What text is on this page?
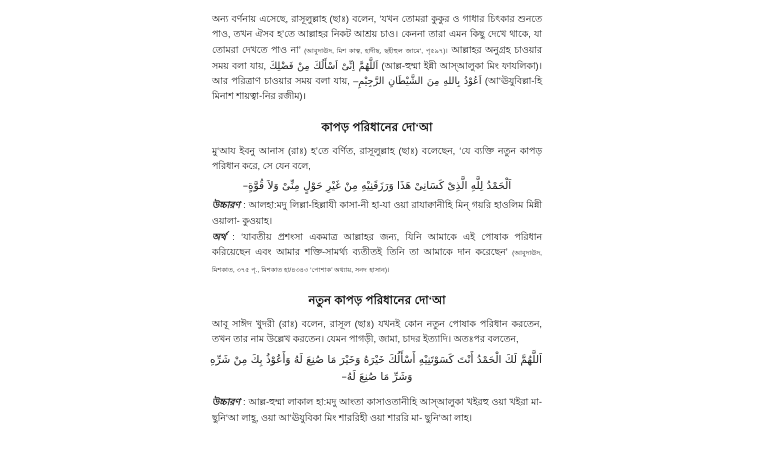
অন্য বর্ণনায় এসেছে, রাসূলুল্লাহ (ছাঃ) বলেন, ‘যখন তোমরা কুকুর ও গাধার চিৎকার শুনতে পাও, তখন ঐসব হ’তে আল্লাহর নিকট আশ্রয় চাও। কেননা তারা এমন কিছু দেখে থাকে, যা তোমরা দেখতে পাও না’ (আবুদাঊদ, মিশ কাত্ব, হাদীছ, ছহীহুল জামে‘, পৃ৫৯৭)। আল্লাহর অনুগ্রহ চাওয়ার সময় বলা যায়, اَللَّهُمَّ اِنِّىْ اَسْأَلُكَ مِنْ فَضْلِكَ (আল্ল-হুম্মা ইন্নী আস্আলুকা মিং ফাযলিকা)। আর পরিত্রাণ চাওয়ার সময় বলা যায়, –اَعُوْذُ بِاللهِ مِنَ الشَّيْطَانِ الرَّجِيْمِ (আ‘ঊযুবিল্লা-হি মিনাশ শায়ত্বা-নির রজীম)।

কাপড় পরিধানের দো‘আ

মু‘আয ইবনু আনাস (রাঃ) হ’তে বর্ণিত, রাসূলুল্লাহ (ছাঃ) বলেছেন, ‘যে ব্যক্তি নতুন কাপড় পরিধান করে, সে যেন বলে,

اَلْحَمْدُ لِلَّهِ الَّذِىْ كَسَانِىْ هَذَا وَرَزَقَنِيْهِ مِنْ غَيْرِ حَوْلٍ مِنِّىْ وَلاَ قُوَّةٍ–

উচ্চারণ : আলহা:মদু লিল্লা-হিল্লাযী কাসা-নী হা-যা ওয়া রাযাক্বানীহি মিন্ গয়রি হাওলিম মিন্নী ওয়ালা- কুওয়াহ।

অর্থ : ‘যাবতীয় প্রশংসা একমাত্র আল্লাহর জন্য, যিনি আমাকে এই পোষাক পরিধান করিয়েছেন এবং আমার শক্তি-সামর্থ্য ব্যতীতই তিনি তা আমাকে দান করেছেন’ (আবুদাঊদ, মিশকাত, ৩৭৫ পৃ., মিশকাত হা/৪৩৪৩ ‘পোশাক’ অধ্যায়, সনদ হাসান)।

নতুন কাপড় পরিধানের দো‘আ

আবূ সাঈদ খুদরী (রাঃ) বলেন, রাসূল (ছাঃ) যখনই কোন নতুন পোষাক পরিধান করতেন, তখন তার নাম উল্লেখ করতেন। যেমন পাগড়ী, জামা, চাদর ইত্যাদি। অতঃপর বলতেন,

اَللَّهُمَّ لَكَ الْحَمْدُ أَنْتَ كَسَوْتَنِيْهِ أَسْأَلُكَ خَيْرَهُ وَخَيْرَ مَا صُنِعَ لَهُ وَأَعُوْذُ بِكَ مِنْ شَرِّهِ

وَشَرِّ مَا صُنِعَ لَهُ–

উচ্চারণ : আল্ল-হুম্মা লাকাল হা:মদু আংতা কাসাওতানীহি আস্আলুকা খইরহু ওয়া খইরা মা- ছুনি‘আ লাহূ, ওয়া আ‘ঊযুবিকা মিং শাররিহী ওয়া শাররি মা- ছুনি‘আ লাহ।
